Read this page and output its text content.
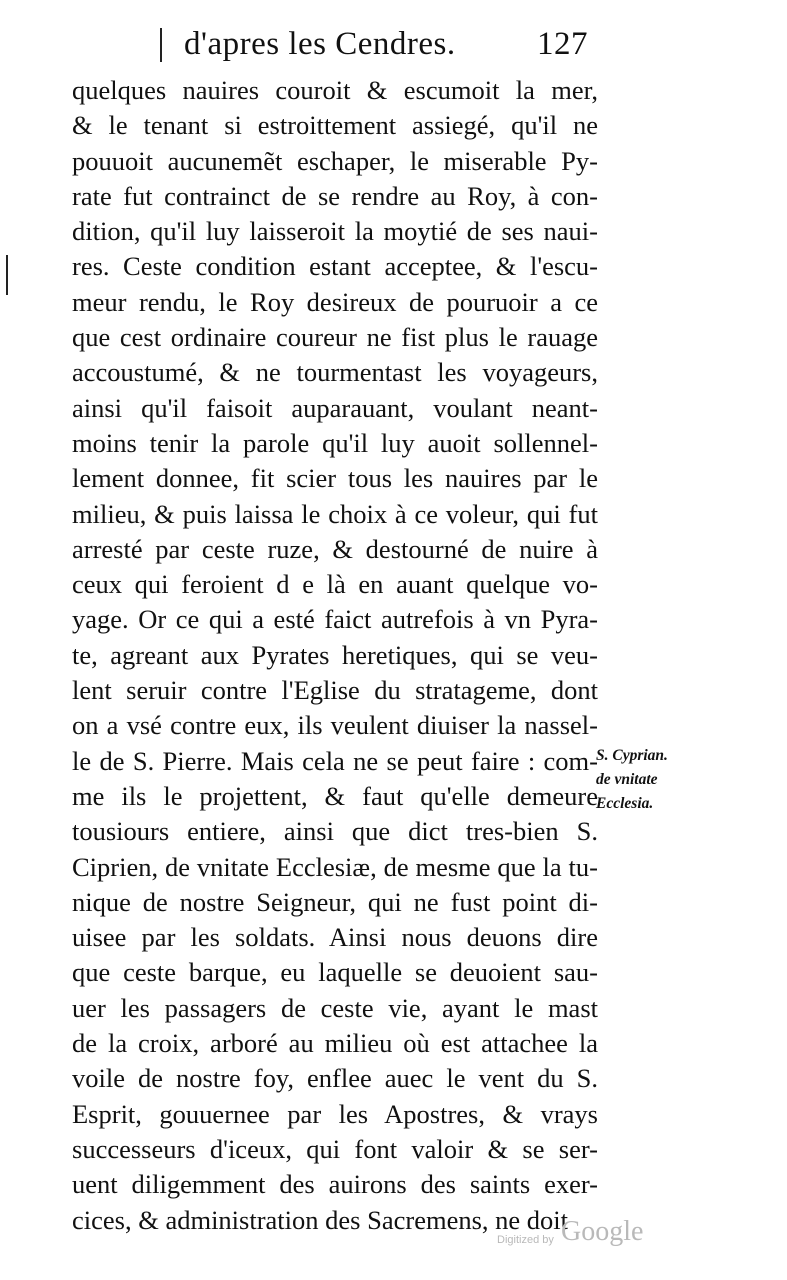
d'apres les Cendres. 127
quelques nauires couroit & escumoit la mer,
& le tenant si estroittement assiegé, qu'il ne
pouuoit aucunemẽt eschaper, le miserable Py-
rate fut contrainct de se rendre au Roy, à con-
dition, qu'il luy laisseroit la moytié de ses naui-
res. Ceste condition estant acceptee, & l'escu-
meur rendu, le Roy desireux de pouruoir a ce
que cest ordinaire coureur ne fist plus le rauage
accoustumé, & ne tourmentast les voyageurs,
ainsi qu'il faisoit auparauant, voulant neant-
moins tenir la parole qu'il luy auoit sollennel-
lement donnee, fit scier tous les nauires par le
milieu, & puis laissa le choix à ce voleur, qui fut
arresté par ceste ruze, & destourné de nuire à
ceux qui feroient d e là en auant quelque vo-
yage. Or ce qui a esté faict autrefois à vn Pyra-
te, agreant aux Pyrates heretiques, qui se veu-
lent seruir contre l'Eglise du stratageme, dont
on a vsé contre eux, ils veulent diuiser la nassel-
le de S. Pierre. Mais cela ne se peut faire : com-
me ils le projettent, & faut qu'elle demeure
tousiours entiere, ainsi que dict tres-bien S.
Ciprien, de vnitate Ecclesiæ, de mesme que la tu-
nique de nostre Seigneur, qui ne fust point di-
uisee par les soldats. Ainsi nous deuons dire
que ceste barque, eu laquelle se deuoient sau-
uer les passagers de ceste vie, ayant le mast
de la croix, arboré au milieu où est attachee la
voile de nostre foy, enflee auec le vent du S.
Esprit, gouuernee par les Apostres, & vrays
successeurs d'iceux, qui font valoir & se ser-
uent diligemment des auirons des saints exer-
cices, & administration des Sacremens, ne doit
S. Cyprian.
de vnitate
Ecclesia.
Digitized by Google
